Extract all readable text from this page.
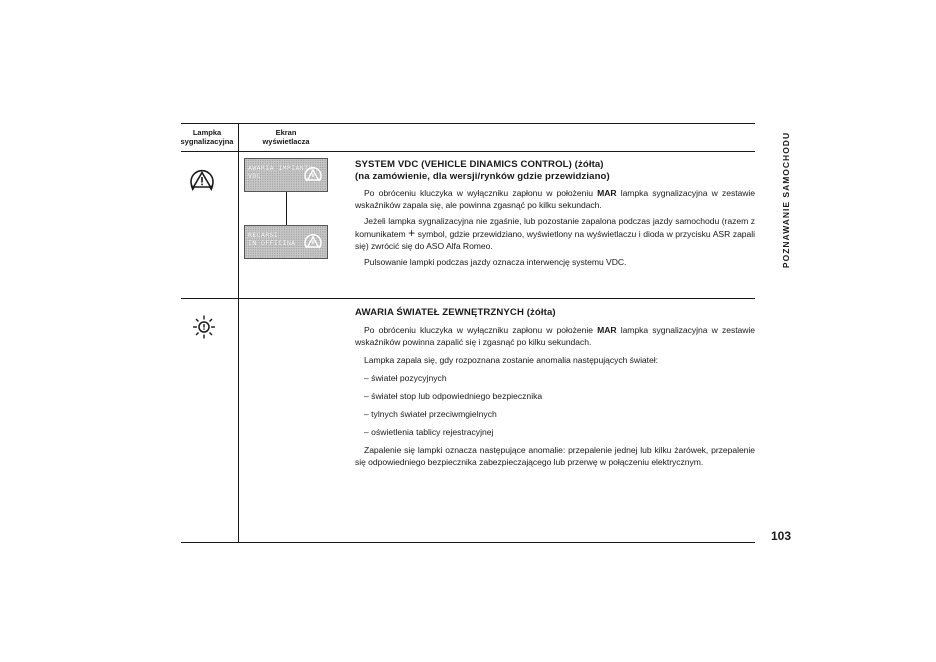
Lampka
sygnalizacyjna
Ekran
wyświetlacza	POZNAWANIE SAMOCHODU
103
AWARIA IMPIANTU
VDC
RECARSI
IN OFFICINA
SYSTEM VDC (VEHICLE DINAMICS CONTROL) (żółta)
(na zamówienie, dla wersji/rynków gdzie przewidziano)
Po obróceniu kluczyka w wyłączniku zapłonu w położeniu MAR lampka sygnalizacyjna w zestawie wskaźników zapala się, ale powinna zgasnąć po kilku sekundach.
Jeżeli lampka sygnalizacyjna nie zgaśnie, lub pozostanie zapalona podczas jazdy samochodu (razem z komunikatem + symbol, gdzie przewidziano, wyświetlony na wyświetlaczu i dioda w przycisku ASR zapali się) zwrócić się do ASO Alfa Romeo.
Pulsowanie lampki podczas jazdy oznacza interwencję systemu VDC.
AWARIA ŚWIATEŁ ZEWNĘTRZNYCH (żółta)
Po obróceniu kluczyka w wyłączniku zapłonu w położenie MAR lampka sygnalizacyjna w zestawie wskaźników powinna zapalić się i zgasnąć po kilku sekundach.
Lampka zapala się, gdy rozpoznana zostanie anomalia następujących świateł:
– świateł pozycyjnych
– świateł stop lub odpowiedniego bezpiecznika
– tylnych świateł przeciwmgielnych
– oświetlenia tablicy rejestracyjnej
Zapalenie się lampki oznacza następujące anomalie: przepalenie jednej lub kilku żarówek, przepalenie się odpowiedniego bezpiecznika zabezpieczającego lub przerwę w połączeniu elektrycznym.
